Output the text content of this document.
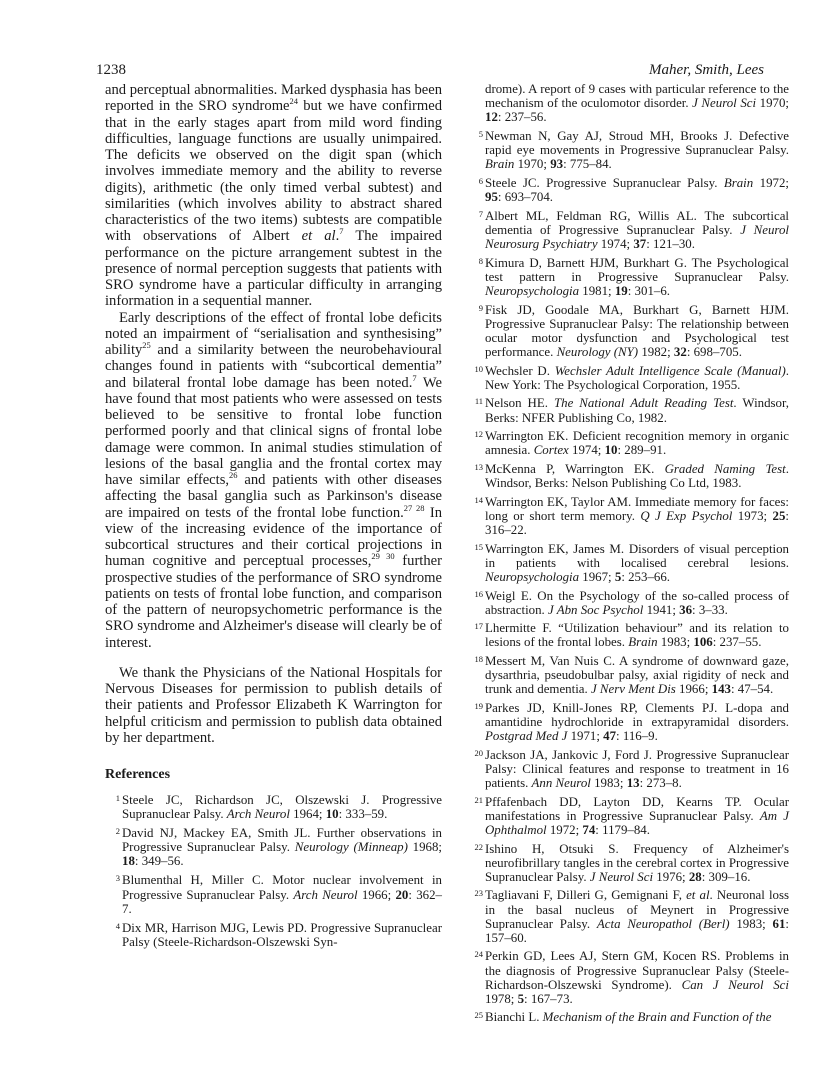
1238	Maher, Smith, Lees

and perceptual abnormalities. Marked dysphasia has been reported in the SRO syndrome$^{24}$ but we have confirmed that in the early stages apart from mild word finding difficulties, language functions are usually unimpaired. The deficits we observed on the digit span (which involves immediate memory and the ability to reverse digits), arithmetic (the only timed verbal subtest) and similarities (which involves ability to abstract shared characteristics of the two items) subtests are compatible with observations of Albert et al.$^7$ The impaired performance on the picture arrangement subtest in the presence of normal perception suggests that patients with SRO syndrome have a particular difficulty in arranging information in a sequential manner.

Early descriptions of the effect of frontal lobe deficits noted an impairment of “serialisation and synthesising” ability$^{25}$ and a similarity between the neurobehavioural changes found in patients with “subcortical dementia” and bilateral frontal lobe damage has been noted.$^7$ We have found that most patients who were assessed on tests believed to be sensitive to frontal lobe function performed poorly and that clinical signs of frontal lobe damage were common. In animal studies stimulation of lesions of the basal ganglia and the frontal cortex may have similar effects,$^{26}$ and patients with other diseases affecting the basal ganglia such as Parkinson's disease are impaired on tests of the frontal lobe function.$^{27 28}$ In view of the increasing evidence of the importance of subcortical structures and their cortical projections in human cognitive and perceptual processes,$^{29 30}$ further prospective studies of the performance of SRO syndrome patients on tests of frontal lobe function, and comparison of the pattern of neuropsychometric performance is the SRO syndrome and Alzheimer's disease will clearly be of interest.

We thank the Physicians of the National Hospitals for Nervous Diseases for permission to publish details of their patients and Professor Elizabeth K Warrington for helpful criticism and permission to publish data obtained by her department.

References

1 Steele JC, Richardson JC, Olszewski J. Progressive Supranuclear Palsy. Arch Neurol 1964; 10: 333–59.

2 David NJ, Mackey EA, Smith JL. Further observations in Progressive Supranuclear Palsy. Neurology (Minneap) 1968; 18: 349–56.

3 Blumenthal H, Miller C. Motor nuclear involvement in Progressive Supranuclear Palsy. Arch Neurol 1966; 20: 362–7.

4 Dix MR, Harrison MJG, Lewis PD. Progressive Supranuclear Palsy (Steele-Richardson-Olszewski Syn-

drome). A report of 9 cases with particular reference to the mechanism of the oculomotor disorder. J Neurol Sci 1970; 12: 237–56.

5 Newman N, Gay AJ, Stroud MH, Brooks J. Defective rapid eye movements in Progressive Supranuclear Palsy. Brain 1970; 93: 775–84.

6 Steele JC. Progressive Supranuclear Palsy. Brain 1972; 95: 693–704.

7 Albert ML, Feldman RG, Willis AL. The subcortical dementia of Progressive Supranuclear Palsy. J Neurol Neurosurg Psychiatry 1974; 37: 121–30.

8 Kimura D, Barnett HJM, Burkhart G. The Psychological test pattern in Progressive Supranuclear Palsy. Neuropsychologia 1981; 19: 301–6.

9 Fisk JD, Goodale MA, Burkhart G, Barnett HJM. Progressive Supranuclear Palsy: The relationship between ocular motor dysfunction and Psychological test performance. Neurology (NY) 1982; 32: 698–705.

10 Wechsler D. Wechsler Adult Intelligence Scale (Manual). New York: The Psychological Corporation, 1955.

11 Nelson HE. The National Adult Reading Test. Windsor, Berks: NFER Publishing Co, 1982.

12 Warrington EK. Deficient recognition memory in organic amnesia. Cortex 1974; 10: 289–91.

13 McKenna P, Warrington EK. Graded Naming Test. Windsor, Berks: Nelson Publishing Co Ltd, 1983.

14 Warrington EK, Taylor AM. Immediate memory for faces: long or short term memory. Q J Exp Psychol 1973; 25: 316–22.

15 Warrington EK, James M. Disorders of visual perception in patients with localised cerebral lesions. Neuropsychologia 1967; 5: 253–66.

16 Weigl E. On the Psychology of the so-called process of abstraction. J Abn Soc Psychol 1941; 36: 3–33.

17 Lhermitte F. “Utilization behaviour” and its relation to lesions of the frontal lobes. Brain 1983; 106: 237–55.

18 Messert M, Van Nuis C. A syndrome of downward gaze, dysarthria, pseudobulbar palsy, axial rigidity of neck and trunk and dementia. J Nerv Ment Dis 1966; 143: 47–54.

19 Parkes JD, Knill-Jones RP, Clements PJ. L-dopa and amantidine hydrochloride in extrapyramidal disorders. Postgrad Med J 1971; 47: 116–9.

20 Jackson JA, Jankovic J, Ford J. Progressive Supranuclear Palsy: Clinical features and response to treatment in 16 patients. Ann Neurol 1983; 13: 273–8.

21 Pffafenbach DD, Layton DD, Kearns TP. Ocular manifestations in Progressive Supranuclear Palsy. Am J Ophthalmol 1972; 74: 1179–84.

22 Ishino H, Otsuki S. Frequency of Alzheimer's neurofibrillary tangles in the cerebral cortex in Progressive Supranuclear Palsy. J Neurol Sci 1976; 28: 309–16.

23 Tagliavani F, Dilleri G, Gemignani F, et al. Neuronal loss in the basal nucleus of Meynert in Progressive Supranuclear Palsy. Acta Neuropathol (Berl) 1983; 61: 157–60.

24 Perkin GD, Lees AJ, Stern GM, Kocen RS. Problems in the diagnosis of Progressive Supranuclear Palsy (Steele-Richardson-Olszewski Syndrome). Can J Neurol Sci 1978; 5: 167–73.

25 Bianchi L. Mechanism of the Brain and Function of the
